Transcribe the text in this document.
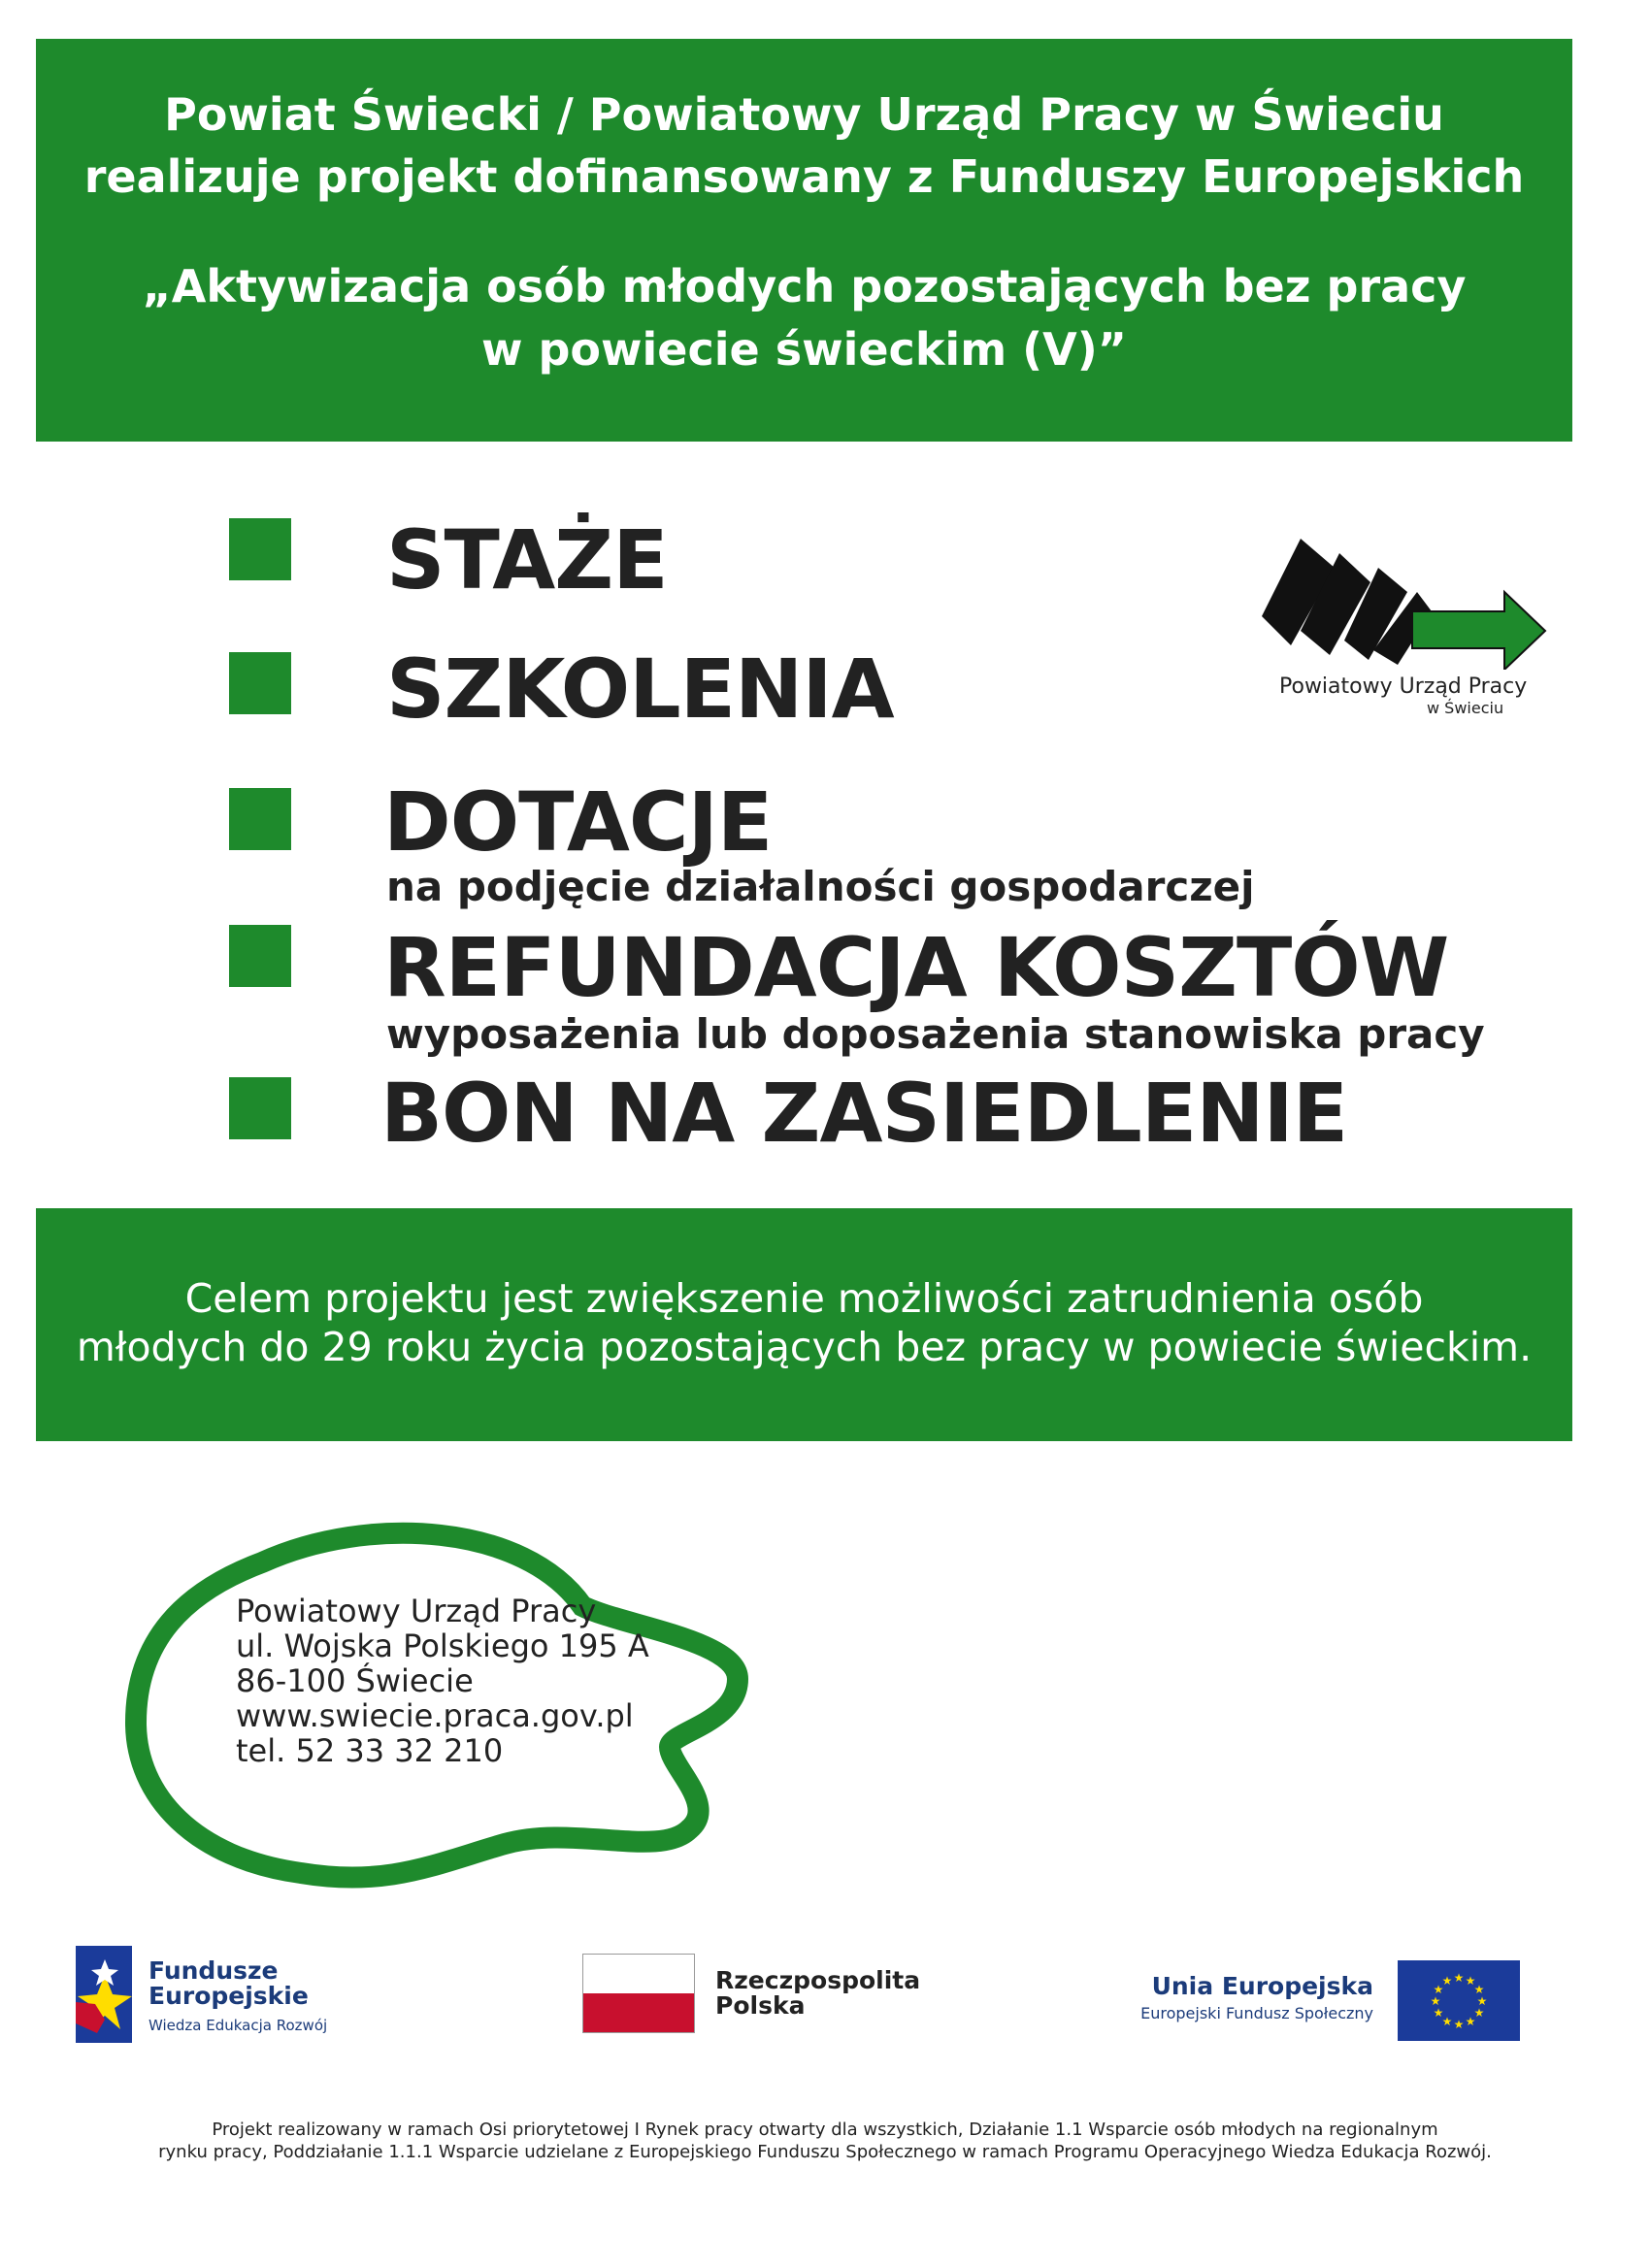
Powiat Świecki / Powiatowy Urząd Pracy w Świeciu
realizuje projekt dofinansowany z Funduszy Europejskich
„Aktywizacja osób młodych pozostających bez pracy
w powiecie świeckim (V)”
STAŻE
SZKOLENIA
DOTACJE
na podjęcie działalności gospodarczej
REFUNDACJA KOSZTÓW
wyposażenia lub doposażenia stanowiska pracy
BON NA ZASIEDLENIE
Powiatowy Urząd Pracy
w Świeciu
Celem projektu jest zwiększenie możliwości zatrudnienia osób
młodych do 29 roku życia pozostających bez pracy w powiecie świeckim.
Powiatowy Urząd Pracy
ul. Wojska Polskiego 195 A
86-100 Świecie
www.swiecie.praca.gov.pl
tel. 52 33 32 210
Fundusze
Europejskie
Wiedza Edukacja Rozwój
Rzeczpospolita
Polska
Unia Europejska
Europejski Fundusz Społeczny
★ ★
★
★
★
★
★
★
★
★
★
★
Projekt realizowany w ramach Osi priorytetowej I Rynek pracy otwarty dla wszystkich, Działanie 1.1 Wsparcie osób młodych na regionalnym
rynku pracy, Poddziałanie 1.1.1 Wsparcie udzielane z Europejskiego Funduszu Społecznego w ramach Programu Operacyjnego Wiedza Edukacja Rozwój.
